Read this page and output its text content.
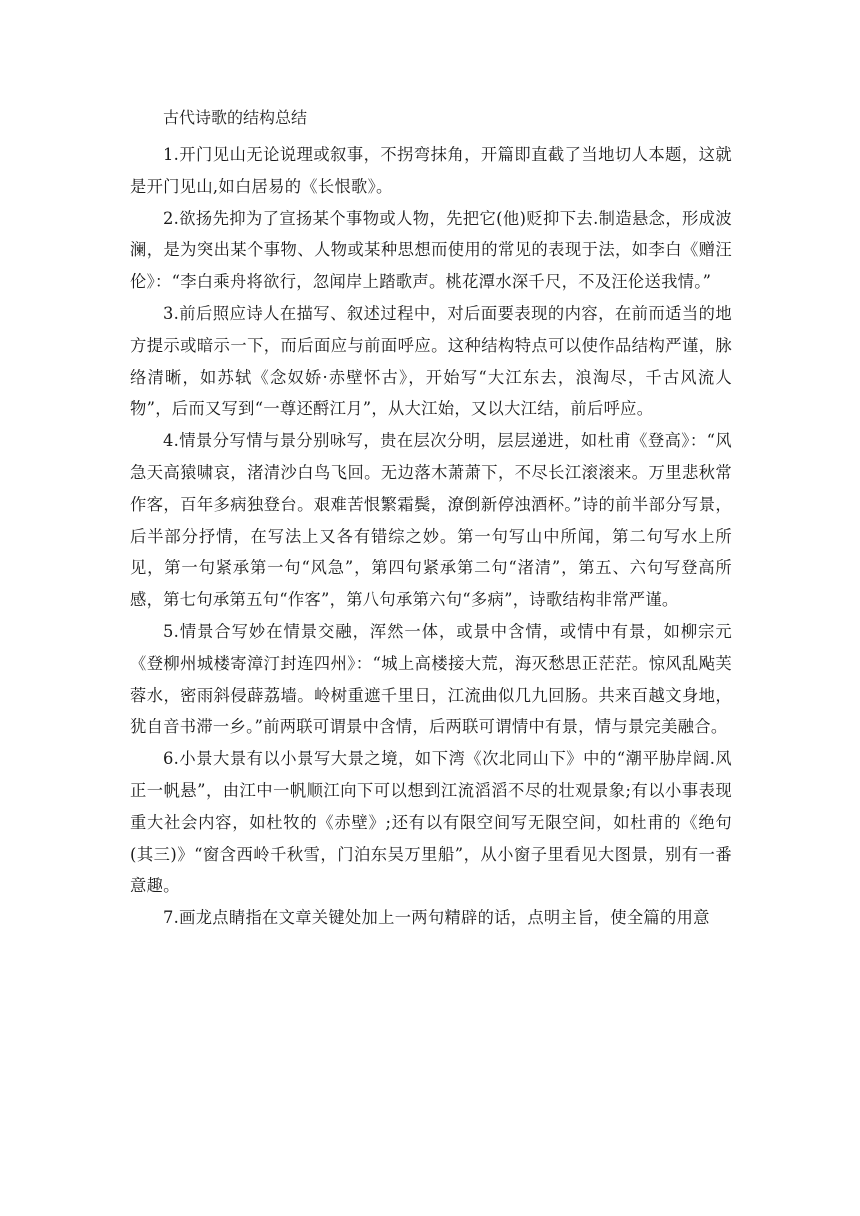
古代诗歌的结构总结

1.开门见山无论说理或叙事，不拐弯抹角，开篇即直截了当地切人本题，这就是开门见山,如白居易的《长恨歌》。

2.欲扬先抑为了宣扬某个事物或人物，先把它(他)贬抑下去.制造悬念，形成波澜，是为突出某个事物、人物或某种思想而使用的常见的表现于法，如李白《赠汪伦》：“李白乘舟将欲行，忽闻岸上踏歌声。桃花潭水深千尺，不及汪伦送我情。”

3.前后照应诗人在描写、叙述过程中，对后面要表现的内容，在前而适当的地方提示或暗示一下，而后面应与前面呼应。这种结构特点可以使作品结构严谨，脉络清晰，如苏轼《念奴娇·赤壁怀古》，开始写“大江东去，浪淘尽，千古风流人物”，后而又写到“一尊还酹江月”，从大江始，又以大江结，前后呼应。

4.情景分写情与景分别咏写，贵在层次分明，层层递进，如杜甫《登高》：“风急天高猿啸哀，渚清沙白鸟飞回。无边落木萧萧下，不尽长江滚滚来。万里悲秋常作客，百年多病独登台。艰难苦恨繁霜鬓，潦倒新停浊酒杯。”诗的前半部分写景，后半部分抒情，在写法上又各有错综之妙。第一句写山中所闻，第二句写水上所见，第一句紧承第一句“风急”，第四句紧承第二句“渚清”，第五、六句写登高所感，第七句承第五句“作客”，第八句承第六句“多病”，诗歌结构非常严谨。

5.情景合写妙在情景交融，浑然一体，或景中含情，或情中有景，如柳宗元《登柳州城楼寄漳汀封连四州》：“城上高楼接大荒，海灭愁思正茫茫。惊风乱飐芙蓉水，密雨斜侵薜荔墙。岭树重遮千里日，江流曲似几九回肠。共来百越文身地，犹自音书滞一乡。”前两联可谓景中含情，后两联可谓情中有景，情与景完美融合。

6.小景大景有以小景写大景之境，如下湾《次北同山下》中的“潮平胁岸阔.风正一帆悬”，由江中一帆顺江向下可以想到江流滔滔不尽的壮观景象;有以小事表现重大社会内容，如杜牧的《赤壁》;还有以有限空间写无限空间，如杜甫的《绝句(其三)》“窗含西岭千秋雪，门泊东吴万里船”，从小窗子里看见大图景，别有一番意趣。

7.画龙点睛指在文章关键处加上一两句精辟的话，点明主旨，使全篇的用意
